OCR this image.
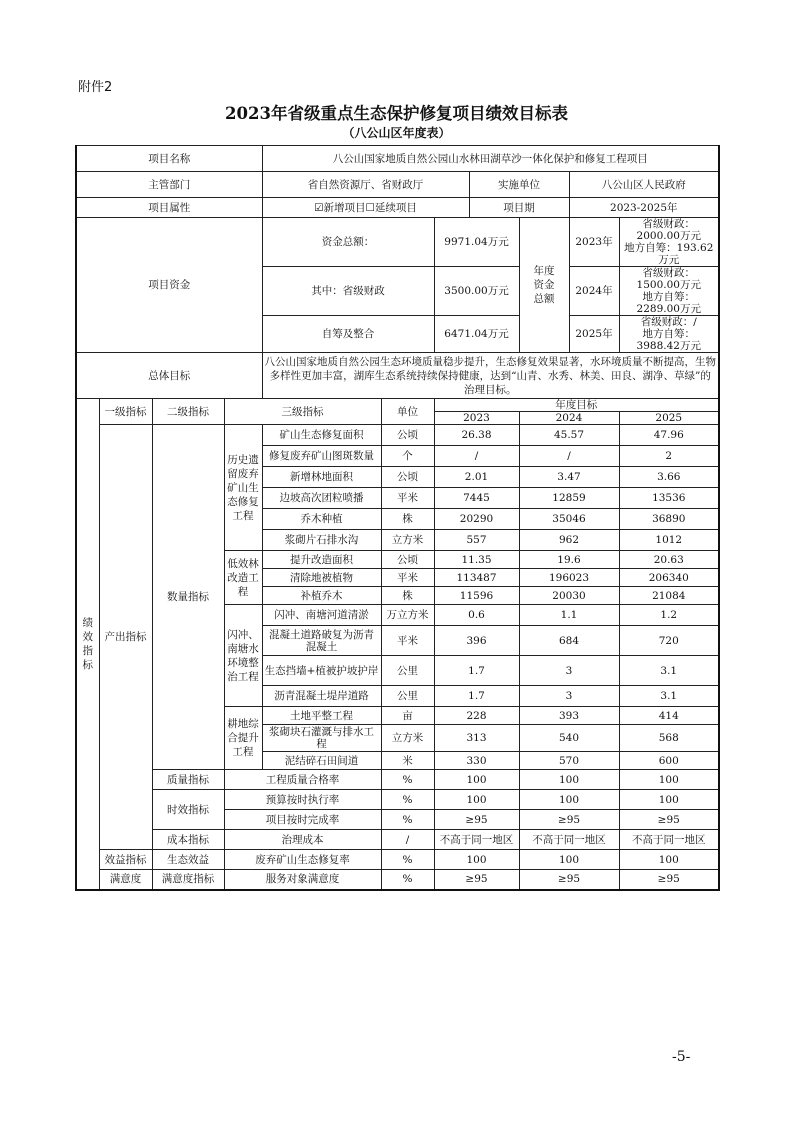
附件2
2023年省级重点生态保护修复项目绩效目标表
（八公山区年度表）
项目名称				八公山国家地质自然公园山水林田湖草沙一体化保护和修复工程项目						
主管部门				省自然资源厅、省财政厅			实施单位		八公山区人民政府	
项目属性				☑新增项目☐延续项目			项目期		2023-2025年	
项目资金				资金总额：		9971.04万元		年度资金总额	2023年	省级财政：2000.00万元
地方自筹：193.62万元

				其中：省级财政		3500.00万元			2024年	省级财政：1500.00万元
地方自筹：2289.00万元

				自筹及整合		6471.04万元			2025年	省级财政：/
地方自筹：3988.42万元

总体目标				八公山国家地质自然公园生态环境质量稳步提升，生态修复效果显著，水环境质量不断提高，生物多样性更加丰富，湖库生态系统持续保持健康，达到“山青、水秀、林美、田良、湖净、草绿”的治理目标。						

绩效指标	一级指标	二级指标	三级指标		单位	年度目标				
						2023		2024		2025
	产出指标	数量指标	历史遗留废弃矿山生态修复工程	矿山生态修复面积	公顷	26.38		45.57		47.96
				修复废弃矿山图斑数量	个	/		/		2
				新增林地面积	公顷	2.01		3.47		3.66
				边坡高次团粒喷播	平米	7445		12859		13536
				乔木种植	株	20290		35046		36890
				浆砌片石排水沟	立方米	557		962		1012
			低效林改造工程	提升改造面积	公顷	11.35		19.6		20.63
				清除地被植物	平米	113487		196023		206340
				补植乔木	株	11596		20030		21084
			闪冲、南塘水环境整治工程	闪冲、南塘河道清淤	万立方米	0.6		1.1		1.2
				混凝土道路破复为沥青混凝土	平米	396		684		720
				生态挡墙+植被护坡护岸	公里	1.7		3		3.1
				沥青混凝土堤岸道路	公里	1.7		3		3.1
			耕地综合提升工程	土地平整工程	亩	228		393		414
				浆砌块石灌溉与排水工程	立方米	313		540		568
				泥结碎石田间道	米	330		570		600
		质量指标	工程质量合格率		%	100		100		100
		时效指标	预算按时执行率		%	100		100		100
			项目按时完成率		%	≥95		≥95		≥95
		成本指标	治理成本		/	不高于同一地区		不高于同一地区		不高于同一地区
	效益指标	生态效益	废弃矿山生态修复率		%	100		100		100
	满意度	满意度指标	服务对象满意度		%	≥95		≥95		≥95
-5-
